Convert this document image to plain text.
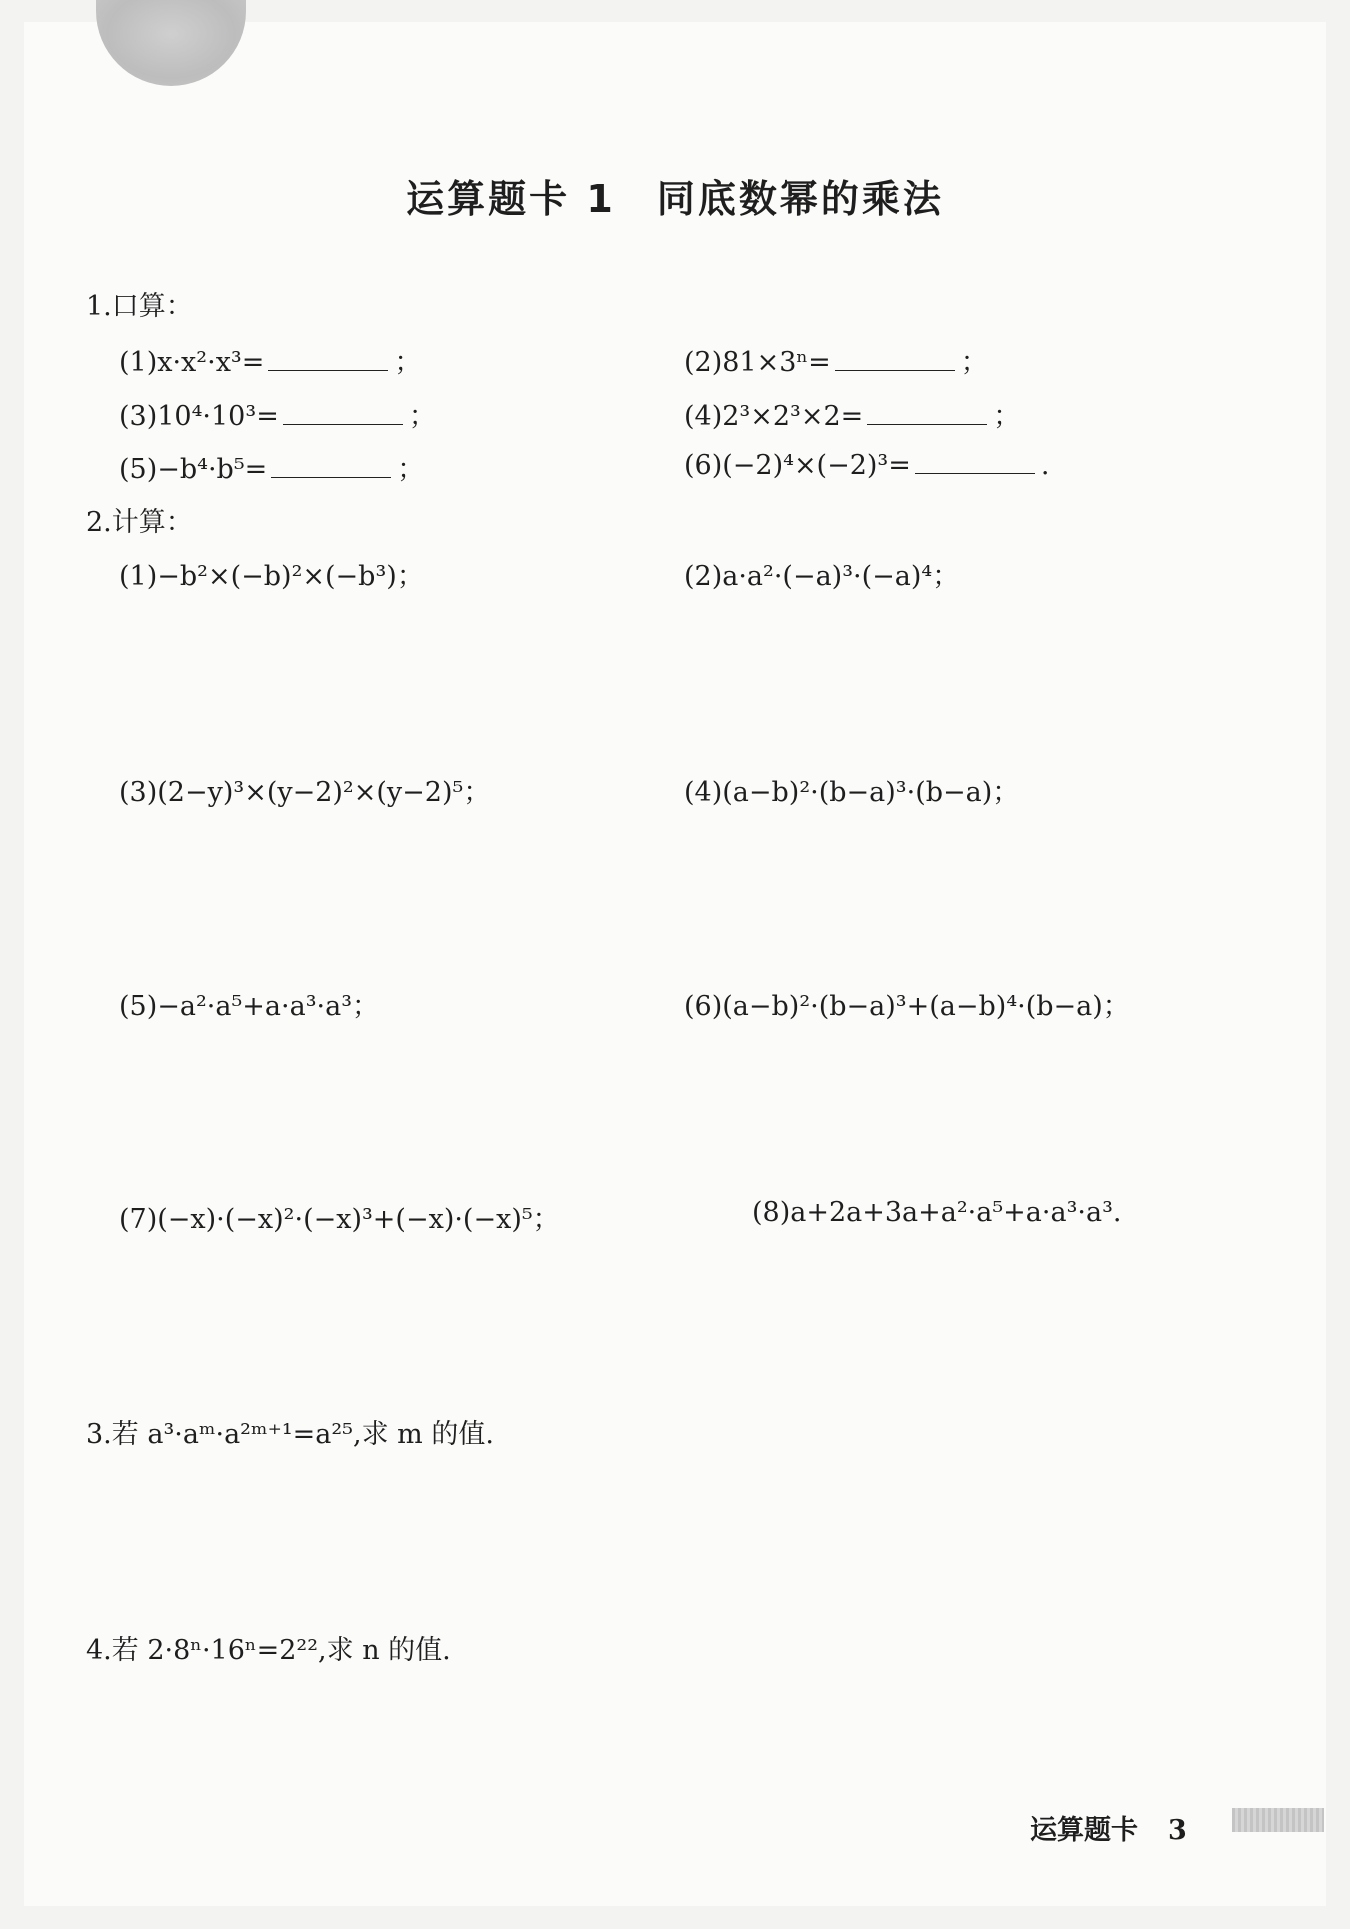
运算题卡 1　同底数幂的乘法
1.口算：
(1)x·x²·x³=	；	(2)81×3ⁿ=	；
(3)10⁴·10³=	；	(4)2³×2³×2=	；
(5)−b⁴·b⁵=	；	(6)(−2)⁴×(−2)³=	.
2.计算：
(1)−b²×(−b)²×(−b³)；	(2)a·a²·(−a)³·(−a)⁴；
(3)(2−y)³×(y−2)²×(y−2)⁵；	(4)(a−b)²·(b−a)³·(b−a)；
(5)−a²·a⁵+a·a³·a³；	(6)(a−b)²·(b−a)³+(a−b)⁴·(b−a)；
(7)(−x)·(−x)²·(−x)³+(−x)·(−x)⁵；	(8)a+2a+3a+a²·a⁵+a·a³·a³.
3.若 a³·aᵐ·a²ᵐ⁺¹=a²⁵,求 m 的值.
4.若 2·8ⁿ·16ⁿ=2²²,求 n 的值.
运算题卡 3
